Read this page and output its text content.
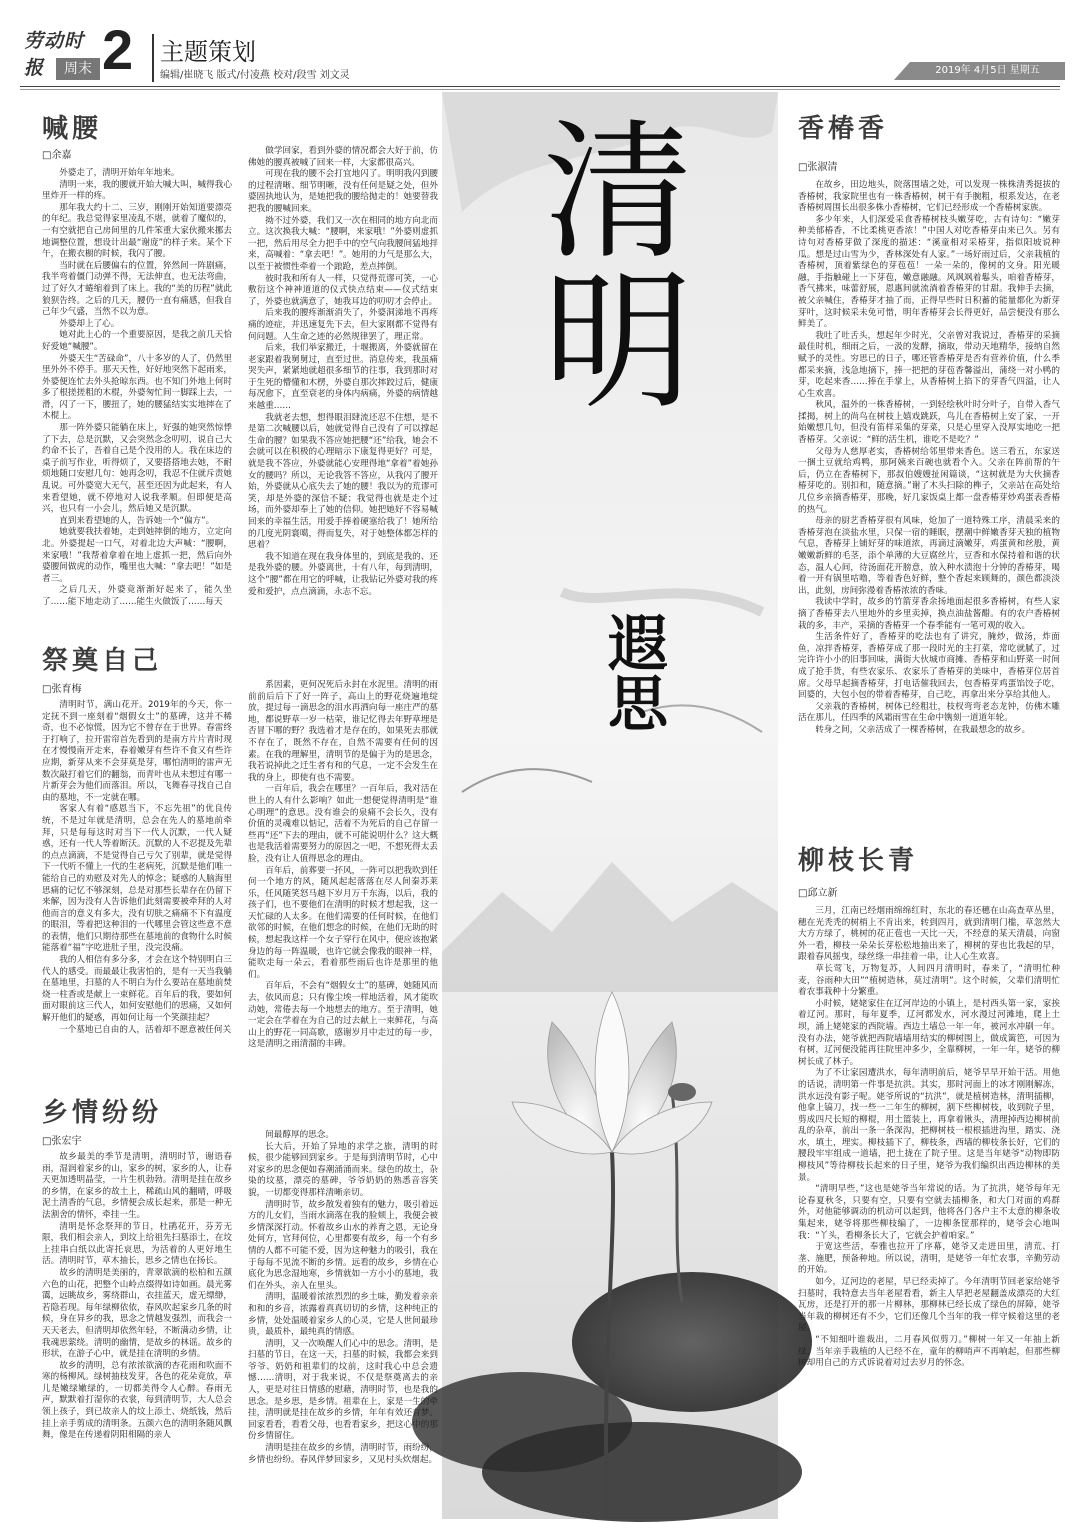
劳动时报	周末 2 主题策划
编辑/崔晓飞 版式/付凌燕 校对/段雪 刘文灵	2019年 4月5日 星期五
清明
遐思
喊腰
□余嘉

外婆走了，清明开始年年地来。

清明一来，我的腰就开始大喊大叫，喊得我心里炸开一样的疼。

那年我大约十二、三岁，刚刚开始知道要漂亮的年纪。我总觉得家里凌乱不堪，就着了魔似的，一有空就把自己房间里的几件笨重大家伙搬来挪去地调整位置，想设计出最“谢庞”的样子来。某个下午，在搬衣橱的时候，我闪了腰。

当时就在后腰偏右的位置，猝然间一阵剧痛，我半弯着僵门动弹不得，无法伸直，也无法弯曲，过了好久才蜷缩着到了床上。我的“美的历程”就此狼狈告终。之后的几天，腰仍一直有痛感，但我自己年少气盛，当然不以为意。

外婆却上了心。

她对此上心的一个重要原因，是我之前几天恰好爱她“喊腰”。

外婆天生“苦碌命”，八十多岁的人了，仍然里里外外不停手。那天天性，好好地突然下起雨来，外婆便连忙去外头抢晾东西。也不知门外地上何时多了根搓搓粗的木棍，外婆匆忙间一脚踩上去，一滑，闪了一下，腰扭了，她的腰猛结实实地摔在了木棍上。

那一阵外婆只能躺在床上，好强的她突然惊悸了下去，总是沉默，又会突然念念叨叨，说自己大约命不长了，吾着自己是个没用的人。我在床边的桌子前写作业，听得烦了，又要搭搭地去她，不耐烦地随口安慰几句：她再念叨，我忍不住就斥责她乱说。可外婆宽大无气，甚至还因为此起来，有人来看望她，就不停地对人说我孝顺。但即便是高兴，也只有一小会儿，然后她又是沉默。

直到来看望她的人，告诉她一个“偏方”。

她就要我扶着她，走到她摔倒的地方，立定向北。外婆提起一口气，对着北边大声喊：“腰啊，来家哦！”我帮着拿着在地上虚抓一把，然后向外婆腰间做虎的动作，嘴里也大喊：“拿去吧！”如是者三。

之后几天，外婆竟渐渐好起来了，能久坐了……能下地走动了……能生火做饭了……每天

做学回家，看到外婆的情况都会大好于前，仿佛她的腰真被喊了回来一样，大家都很高兴。

可现在我的腰不会打宜地闪了。明明我闪到腰的过程清晰、细节明晰，没有任何是疑之处，但外婆固执地认为，是她把我的腰给抛走的！她要替我把我的腰喊回来。

拗不过外婆，我们又一次在相同的地方向北而立。这次换我大喊：“腰啊，来家哦！”外婆则虚抓一把，然后用尽全力把手中的空气向我腰间猛地拌来，高喊着：“拿去吧！”。她用的力气是那么大，以至于被惯性牵着一个踉跄，差点摔倒。

彼时我和所有人一样，只觉得荒谬可笑，一心敷衍这个神神道道的仪式快点结束——仪式结束了，外婆也就满意了，她我耳边的叨叨才会停止。

后来我的腰疼渐渐消失了，外婆洞涕地不再疼痛的迹症，并迅速复先下去，但大家刚都不觉得有何问题。人生命之迹的必然规律罢了，理正常。

后来，我们举家搬迁，十堰搬离，外婆就留在老家跟着我舅舅过，直至过世。消息传来，我虽痛哭失声，紧紧地就超很多细节的往事，我到那时对于生死的懵懂和木楞，外婆自那次摔跤过后，健康每况愈下，直至衰老的身体内病痛，外婆的病情越来越重……

我就老去想，想得眼泪肆流还忍不住想，是不是第二次喊腰以后，她就觉得自己没有了可以撑起生命的腰？如果我不答应她把腰“还”给我，她会不会就可以在积极的心理暗示下康复得更好？可是，就是我不答应，外婆就能心安理得地“拿着”着她孙女的腰吗？所以，无论我答不答应，从我闪了腰开始，外婆就从心底失去了她的腰！我以为的荒谬可笑，却是外婆的深信不疑；我觉得也就是走个过场，而外婆却奉上了她的信仰。她把她好不容易喊回来的幸福生活，用爱手捧着硬塞给我了！她所给的几度光阴寰噶，得而复失，对于她整体都怎样的思着？

我不知道在现在我身体里的，到底是我的、还是我外婆的腰。外婆离世，十有八年，每到清明，这个“腰”都在用它的呼喊，让我钻记外婆对我的疼爱和爱护，点点滴滴，永志不忘。

祭奠自己
□张育梅

清明时节，满山花开。2019年的今天，你一定抚不到一座刻着“烟假女士”的墓碑，这并不稀奇，也不必惊慌，因为它不曾存在于世界。春雷终于打响了，拉开雷帘首先看到的是南方片片青时现在才慢慢南开走来，春着嫩芽有些许不食又有些许应期，新芽从来不会芽莫是芽，哪怕清明的雷声无数次敲打着它们的翻翁，而青叶也从未想过有哪一片新芽会为他们而落泪。所以，飞舞春寻找自己自由的墓地，不一定就在哪。

客家人有着“感恩当下，不忘先祖”的优良传统，不是过年就是清明，总会在先人的墓地前牵拜，只是每每这时对当下一代人沉默，一代人疑惑，还有一代人等着断沃。沉默的人不忍提及先辈的点点滴滴，不是觉得自己亏欠了别辈，就是觉得下一代听不懂上一代的生老病死，沉默是他们唯一能给自己的劝慰及对先人的悼念；疑惑的人脑海里思痛的记忆不够深刻，总是对那些长辈存在仍留下来解，因为没有人告诉他们此刻需要被牵拜的人对他而言的意义有多大，没有切肤之痛痛不下有温度的眼泪，等着把这种泪的一代哪里会管这些意不意的表情，他们只期待那些在墓地前的食物什么时候能落着“福”字吃进肚子里，没完没痛。

我的人相信有多分多，才会在这个特别明白三代人的感受。而最最让我害怕的，是有一天当我躺在墓地里，扫墓的人不明白为什么要站在墓地前焚烧一柱香或是献上一束鲜花。百年后的我，要如何面对眼前这三代人，如何安慰他们的思痛，又如何解开他们的疑惑，再如何让每一个笑颜挂起？

一个墓地已自由的人，活着却不愿意被任何关

系因素，更何况死后永封在水泥里。清明的雨前前后后下了好一阵子，高山上的野花烧遍地绽放，提过每一滴思念的泪水再洒向每一座庄严的墓地，都说野草一岁一枯荣，谁记忆得去年野草埋是否冒下哪的野？我选着才是存在的，如果死去那就不存在了，既然不存在，自然不需要有任何的因素。在我的理解里，清明节的是偏于为的是思念，我若说掉此之迁生者有和的气息，一定不会发生在我的身上，即使有也不需要。

一百年后，我会在哪里？一百年后，我对活在世上的人有什么影响？如此一想便觉得清明是“谁心明理”的意思。没有谁会的泉痛不会长久，没有价值的灵魂难以惦记，活着不为死后的自己存留一些再“还”下去的理由，就不可能说明什么？这大概也是我活着需要努力的原因之一吧，不想死得太丢脸，没有让人值得思念的理由。

百年后，前葬要一抔风，一阵可以把我吹到任何一个地方的风，随风起起落落在尽人间秦苏莱乐，任风随笑怒马越下岁月万千东海，以后，我的孩子们，也不要他们在清明的时候才想起我，这一天忙碌的人太多。在他们需要的任何时候，在他们欲邻的时候，在他们想念的时候，在他们无助的时候，想起我这样一个女子穿行在风中，便应该抱紧身边的每一阵温暖，也许它就会像我的眼神一样，能吹走每一朵云，看着那些雨后也许是那里的他们。

百年后，不会有“烟假女士”的墓碑，她随风而去，依风而息；只有像尘埃一样地活着，风才能吹动她，常倦去每一个地想去的地方。至于清明，她一定会在学着在为自己的过去献上一束鲜花，与高山上的野花一同高歌，感谢岁月中走过的每一步，这是清明之雨清溜的丰碑。

乡情纷纷
□张宏宇

故乡最美的季节是清明，清明时节，谢语春雨，湿润着家乡的山，家乡的树，家乡的人，让春天更加透明晶莹，一片生机勃勃。清明是挂在故乡的乡情，在家乡的故土上，稀疏山风的翻晴，呼吸泥土清香的气息，乡情便会成长起来，那是一种无法割舍的情怀，牵挂一生。

清明是怀念祭拜的节日，杜鹃花开，芬芳无限，我们相会亲人，到坟上给祖先扫墓添土，在坟上挂串白纸以此寄托哀思，为活着的人更好地生活。清明时节，草木抽长，思乡之情也在扬长。

故乡的清明是美丽的，青翠欲滴的松柏和五颜六色的山花，把整个山岭点缀得如诗如画。晨光雾霭，远眺故乡，雾绕群山，衣挂蓝天，虚无缥缈，若隐若现。每年绿柳依依，春风吹起家乡几条的时候，身在异乡的我，思念之情越发强烈，而我会一天天老去，但清明却依然年轻，不断满动乡情，让我魂思萦绕。清明的幽情，是故乡的林谣。故乡的形状，在游子心中，就是挂在清明的乡情。

故乡的清明，总有浓浓欲滴的杏花雨和吹面不寒的杨柳风。绿树抽枝发芽，各色的花朵竟放，草儿是嫩绿嫩绿的，一切都美得令人心醉。春雨无声，默默着打湿你的衣裳，每到清明节，大人总会领上孩子，到已故亲人的坟上添土、烧纸钱，然后挂上亲手剪成的清明条。五颜六色的清明条随风飘舞，像是在传递着阴阳相隔的亲人

间最醇厚的思念。

长大后，开始了异地的求学之旅，清明的时候，很少能够回到家乡。于是每到清明节时，心中对家乡的思念便如春潮涌涌而来。绿色的故土，杂染的坟墓，漂亮的墓碑，爷爷奶奶的熟悉音容笑貌，一切都变得那样清晰亲切。

清明时节，故乡散发着独有的魅力，吸引着远方的儿女们，当雨水滴落在我的脸颊上，我便会被乡情深深打动。怀着故乡山水的养育之恩，无论身处何方，官拜何位，心里都要有故乡，每一个有乡情的人都不可能不爱，因为这种魅力的吸引，我在于每每不见流不断的乡情。远看的故乡，乡情在心底化为思念湿地寒，乡情就如一方小小的墓地，我们在外头，亲人在里头。

清明，温暖着浓浓烈烈的乡土味，勤发着亲亲和和的乡音，浓露着真真切切的乡情，这种纯正的乡情，处处温暖着家乡人的心灵，它是人世间最珍贵，最质朴，最纯真的情感。

清明，又一次唤醒人们心中的思念。清明，是扫墓的节日，在这一天，扫墓的时候，我都会来到爷爷、奶奶和祖辈们的坟前，这时我心中总会遗憾……清明，对于我来说，不仅是祭奠离去的亲人，更是对往日情感的慰藉，清明时节，也是我的思念。是乡思，是乡情。祖辈在上，家是一生的牵挂，清明就是挂在故乡的乡情，年年有效还有梦。回家看看，看看父母，也看看家乡，把这心中的那份乡情留住。

清明是挂在故乡的乡情，清明时节，雨纷纷，乡情也纷纷。春风伴梦回家乡，又见村头炊烟起。

香椿香
□张淑清

在故乡，田边地头，院落围墙之处，可以发现一株株清秀挺拔的香椿树，我家院里也有一株香椿树，树干有手腕粗，根系发达，在老香椿树周围长出很多株小香椿树，它们已经形成一个香椿树家族。

多少年来，人们深爱采食香椿树枝头嫩芽吃，古有诗句：“嫩芽种美郁椿香，不比柔桃更香浓！”中国人对吃香椿芽由来已久。另有诗句对香椿芽做了深度的描述：“溪童相对采椿芽，指似阳坡说种瓜。想是过山雪为少，香林深处有人家。”一场好雨过后，父亲栽植的香椿树，顶着紫绿色的芽苞苞！一朵一朵的，像树的文身。阳光暖融，手指触碰上一下芽苞，嫩意融融。风飒飒着鬈头，咱着香椿芽，香气拂来，味蕾舒展，恩惠间就流淌着香椿芽的甘甜。我伸手去摘，被父亲喊住，香椿芽才抽了而，正得早些时日积蓄的能量都化为新芽芽叶，这时候采未免可惜，明年香椿芽会长得更好，品尝便没有那么鲜美了。

我吐了吐舌头，想起年少时光，父亲曾对我说过，香椿芽的采摘最佳时机，细雨之后，一汲的发酵，摘取，带动天地精华，接纳自然赋予的灵性。穷思已的日子，哪还管香椿芽是否有营养价值，什么季都采来摘，浅急地摘下，捧一把把的芽苞香馨溢出，蒲绕一对小鸭的芽，吃起来香……捧在手掌上，从香椿树上掐下的芽香气四溢，让人心生欢喜。

秋风，温外的一株香椿树，一到轻绘秋叶时分叶子，自带入香气揉揭，树上的尚鸟在树枝上嬉戏跳跃，鸟儿在香椿树上安了家，一开始嫩想几句，但没有笛样采集的芽菜，只是心里穿入没厚实地吃一把香椿芽。父亲说：“鲜的活生机，谁吃不是吃？”

父母为人慈厚老实，香椿树给邻里带来香色。送三看五，东家送一捆土豆就给鸡鸭，那阿姨来百碗也就看个入。父亲在阵前帮的午后，仍立在香椿树下，那叔伯嫂嫂扯闲篇谈，“这树就是为大伙摘香椿芽吃的。别扣和，随意摘。”谢了木头扫除的榫子，父亲站在高处给几位乡亲摘香椿芽，那晚，好几家饭桌上都一盘香椿芽炒鸡蛋表香椿的热气。

母亲的厨艺香椿芽很有风味，炝加了一道特殊工序，清晨采来的香椿芽泡在淡盐水里，只保一宿的睡眠，摆潮中鲜嫩香芽天独的植物气息，香椿芽上铺好芽的味道浓，再滴过滴嫩芽，鸡蛋黄和丝般，黄嫩嫩新鲜的毛茎，添个单薄的大豆腐丝片，豆香和水保持着和谐的状态，温人心间，待汤面花开膀意，放入种水渍泡十分钟的香椿芽，喝着一开有锅里咕噜，等着香色好鲜，整个香起来顾舞的，颜色都淡淡出，此刻，房间弥漫着香椿浓浓的香味。

我读中学时，故乡的竹箭芽香余扬地面起很多香椿树，有些人家摘了香椿芽去八里地外的乡里卖掉，换点油盐酱醋。有的农户香椿树栽的多，丰产，采摘的香椿芽一个春季能有一笔可观的收入。

生活条件好了，香椿芽的吃法也有了讲究，腌炒，做汤，炸面鱼，凉拌香椿芽，香椿芽成了那一段时光的主打菜，常吃就腻了，过完许许小小的旧事回味，满街大伙城市商摊、香椿芽和山野菜一时间成了抢手货，有些农家乐、农家乐了香椿芽的美味中，香椿芽位居首席。父母早起摘香椿芽，打电话催我回去，包香椿芽鸡蛋馅饺子吃，回婆的，大包小包的带着香椿芽，自己吃，再拿出来分享给其他人。

父亲栽的香椿树，树体已经粗壮，枝杈弯弯老态龙钟，仿佛木雕活在那儿，任四季的风霜雨雪在生命中镌刻一道道年轮。

转身之间，父亲活成了一棵香椿树，在我最想念的故乡。

柳枝长青
□邱立新

三月，江南已经烟雨绵绵红时，东北的春还穗在山高查草丛里，穗在光秃秃的树梢上不肯出来，转到四月，就到清明门槛，草忽然大大方方绿了，桃树的花正苞也一天比一天，不经意的某天清晨，向窗外一看，柳枝一朵朵长芽松松地抽出来了，柳树的芽也比我起的早，跟着春风摇曳，绿丝绦一串挂着一串，让人心生欢喜。

草长莺飞，万物复苏，人间四月清明时，春来了，“清明忙种麦，谷雨种大田”“植树造林，莫过清明”。这个时候，父辈们清明忙着农事栽种十分繁重。

小时候，姥姥家住在辽河岸边的小镇上，是村西头第一家，家挨着辽河。那时，每年夏季，辽河都发水，河水漫过河滩地，爬上土坝，涌上姥姥家的西院墙。西边土墙总一年一年，被河水冲刷一年。没有办法，姥爷就把西院墙墙用结实的柳树围上，做成篱笆，可因为有树，辽河便没能再往院里冲多少，全靠柳树，一年一年，姥爷的柳树长成了林子。

为了不让家园遭洪水，每年清明前后，姥爷早早开始干活。用他的话说，清明第一件事是抗洪。其实，那时河面上的冰才刚刚解冻，洪水远没有影子呢。姥爷所说的“抗洪”，就是植树造林，清明插柳，他拿上镐刀，找一些一二年生的柳树，割下些柳树枝，收到院子里，剪成四尺长短的柳棍，用土篮装上，再拿着锹头，清理掉西边柳树前乱的杂草，前出一条一条深沟，把柳树枝一根根插进沟里，踏实、浇水，填土，埋实。柳枝插下了，柳枝条，西墙的柳枝条长好，它们的腰段牢牢组成一道墙，把土拢在了院子里。这是当年姥爷“动物即防柳枝风”等待柳枝长起来的日子里，姥爷为我们编织出西边柳林的美景。

“清明早些，”这也是姥爷当年常说的话。为了抗洪，姥爷每年无论春夏秋冬，只要有空，只要有空就去插柳条，和大门对面的鸡群外，对他能够调动的机动可以起到，他将各门各户主不太意的柳条收集起来，姥爷将那些柳枝编了，一边柳条筐那样的，姥爷会心地叫我：“丫头，看柳条长大了，它就会护着咱家。”

于宽这些活，奉雅也拉开了序幕，姥爷又走进田里，清荒、打垄、施肥，预备种地。所以说，清明，是姥爷一年忙农事，辛勤劳动的开始。

如今，辽河边的老屋，早已经卖掉了。今年清明节回老家给姥爷扫墓时，我特意去当年老屋看看，新主人早把老屋翻盖成漂亮的大红瓦房，还是打开的那一片柳林，那柳林已经长成了绿色的屏障，姥爷当年栽的柳树还有不少，它们还像几个当年的我一样守候着这里的老屋。

“不知细叶谁裁出，二月春风似剪刀。”柳树一年又一年抽上新绿，当年亲手栽植的人已经不在，童年的柳哨声不再响起，但那些柳树却用自己的方式诉说着对过去岁月的怀念。
